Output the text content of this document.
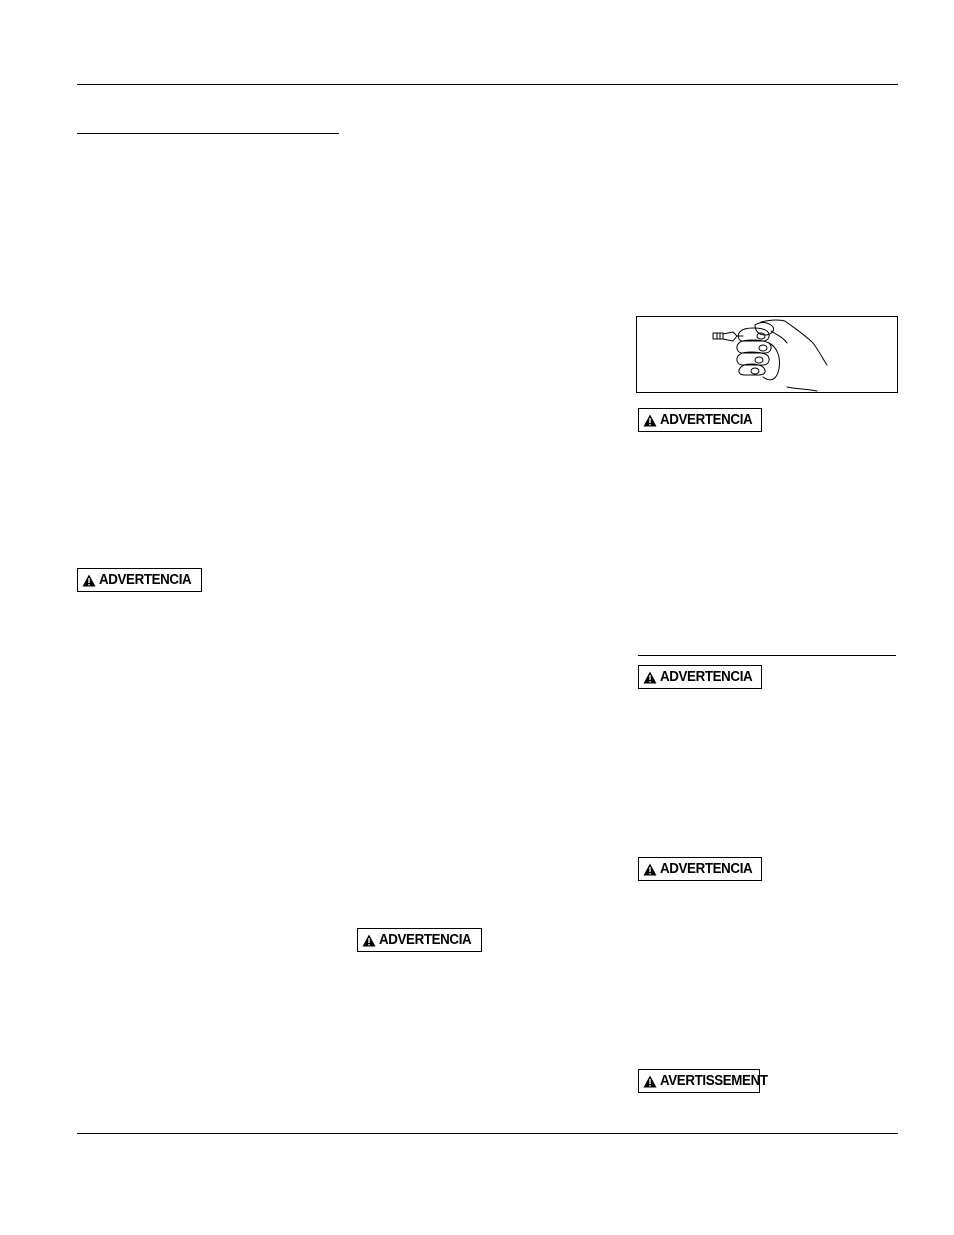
ADVERTENCIA
ADVERTENCIA
ADVERTENCIA
ADVERTENCIA
ADVERTENCIA
AVERTISSEMENT
